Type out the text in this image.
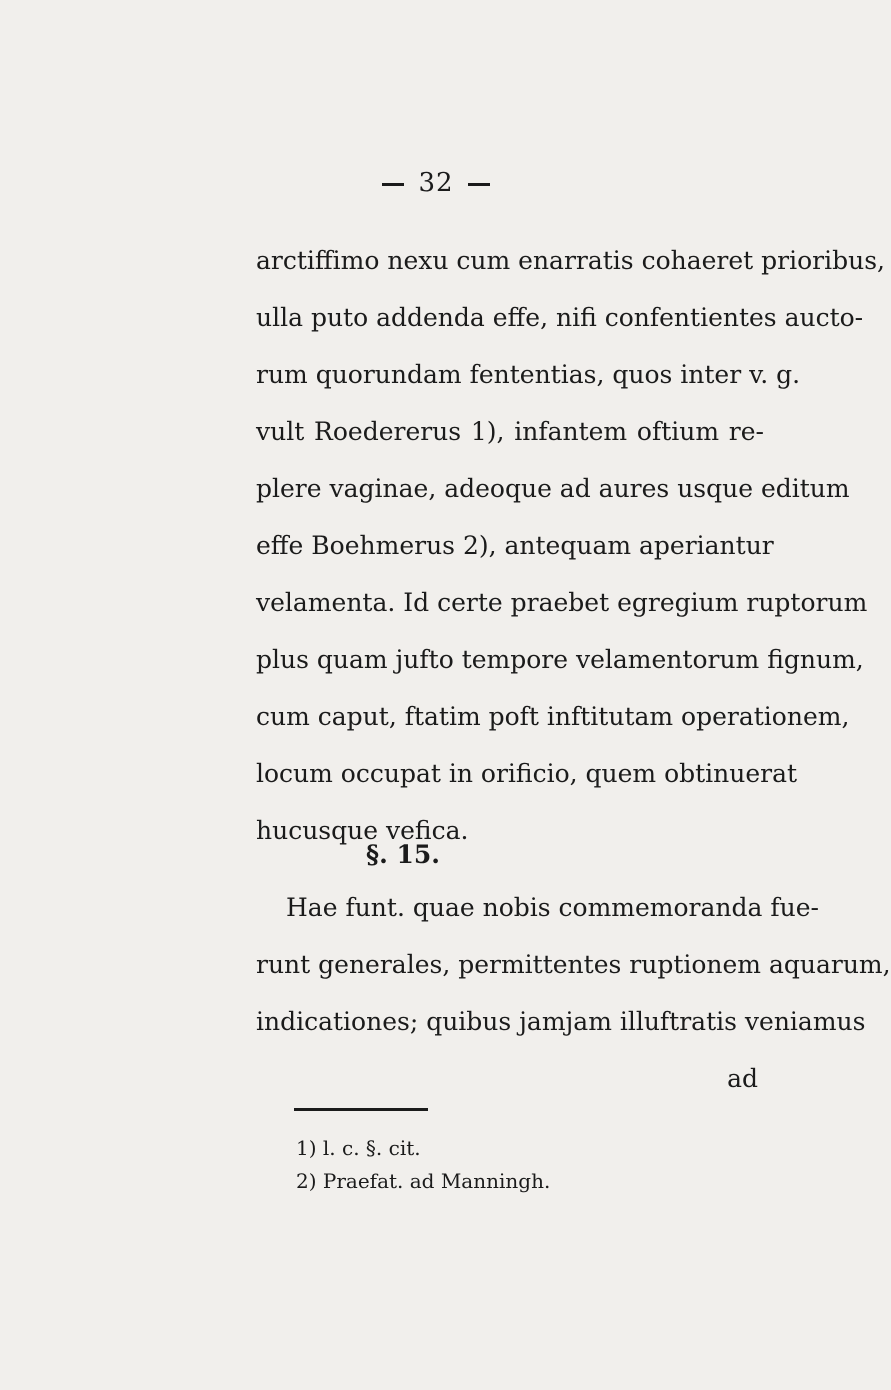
32
arctiffimo nexu cum enarratis cohaeret prioribus,
ulla puto addenda effe, nifi confentientes aucto-
rum quorundam fententias, quos inter v. g.
vult Roedererus 1), infantem oftium re-
plere vaginae, adeoque ad aures usque editum
effe Boehmerus 2), antequam aperiantur
velamenta. Id certe praebet egregium ruptorum
plus quam jufto tempore velamentorum fignum,
cum caput, ftatim poft inftitutam operationem,
locum occupat in orificio, quem obtinuerat
hucusque vefica.
§. 15.
Hae funt. quae nobis commemoranda fue-
runt generales, permittentes ruptionem aquarum,
indicationes; quibus jamjam illuftratis veniamus
ad
1) l. c. §. cit.
2) Praefat. ad Manningh.
